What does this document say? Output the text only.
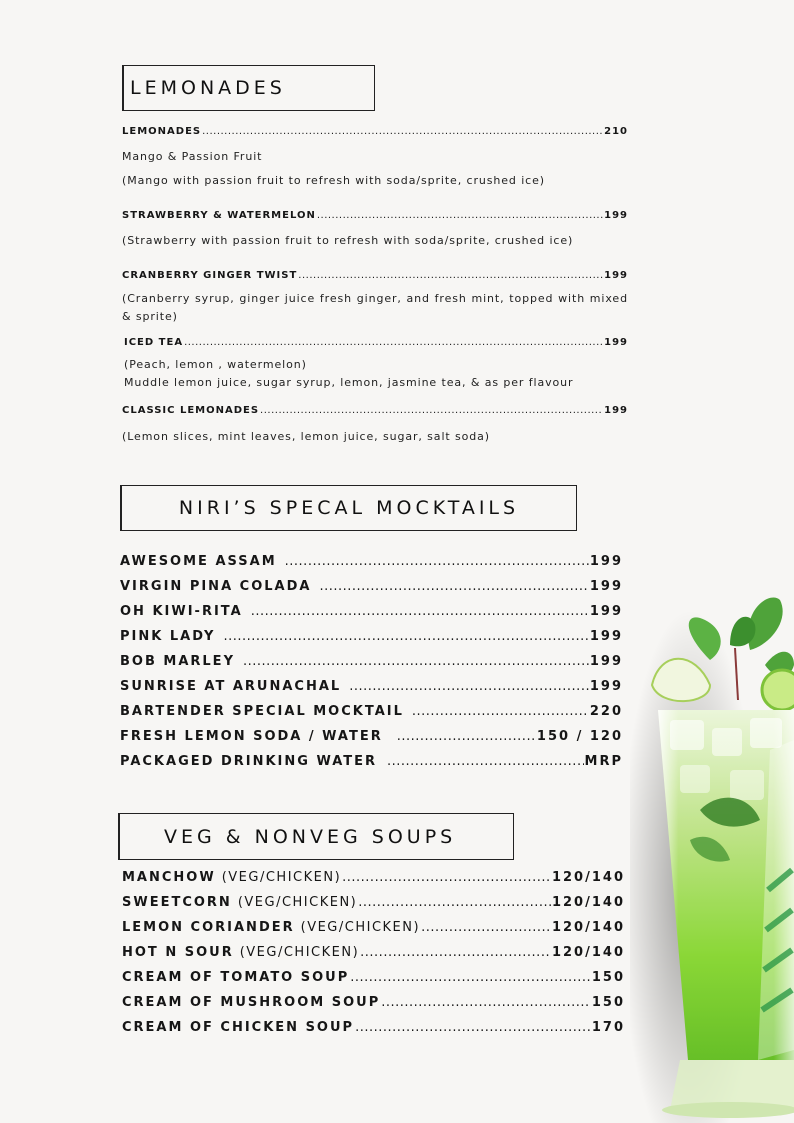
LEMONADES
LEMONADES .....	210
Mango & Passion Fruit
(Mango with passion fruit to refresh with soda/sprite, crushed ice)
STRAWBERRY & WATERMELON .....	199
(Strawberry with passion fruit to refresh with soda/sprite, crushed ice)
CRANBERRY GINGER TWIST .....	199
(Cranberry syrup, ginger juice fresh ginger, and fresh mint, topped with mixed & sprite)
ICED TEA .....	199
(Peach, lemon , watermelon)
Muddle lemon juice, sugar syrup, lemon, jasmine tea, & as per flavour
CLASSIC LEMONADES .....	199
(Lemon slices, mint leaves, lemon juice, sugar, salt soda)
NIRI’S SPECAL MOCKTAILS
AWESOME ASSAM .....	199
VIRGIN PINA COLADA .....	199
OH KIWI-RITA .....	199
PINK LADY .....	199
BOB MARLEY .....	199
SUNRISE AT ARUNACHAL .....	199
BARTENDER SPECIAL MOCKTAIL .....	220
FRESH LEMON SODA / WATER .....	150 / 120
PACKAGED DRINKING WATER .....	MRP
VEG & NONVEG SOUPS
MANCHOW (VEG/CHICKEN) .....	120/140
SWEETCORN (VEG/CHICKEN) .....	120/140
LEMON CORIANDER (VEG/CHICKEN) .....	120/140
HOT N SOUR (VEG/CHICKEN) .....	120/140
CREAM OF TOMATO SOUP .....	150
CREAM OF MUSHROOM SOUP .....	150
CREAM OF CHICKEN SOUP .....	170
